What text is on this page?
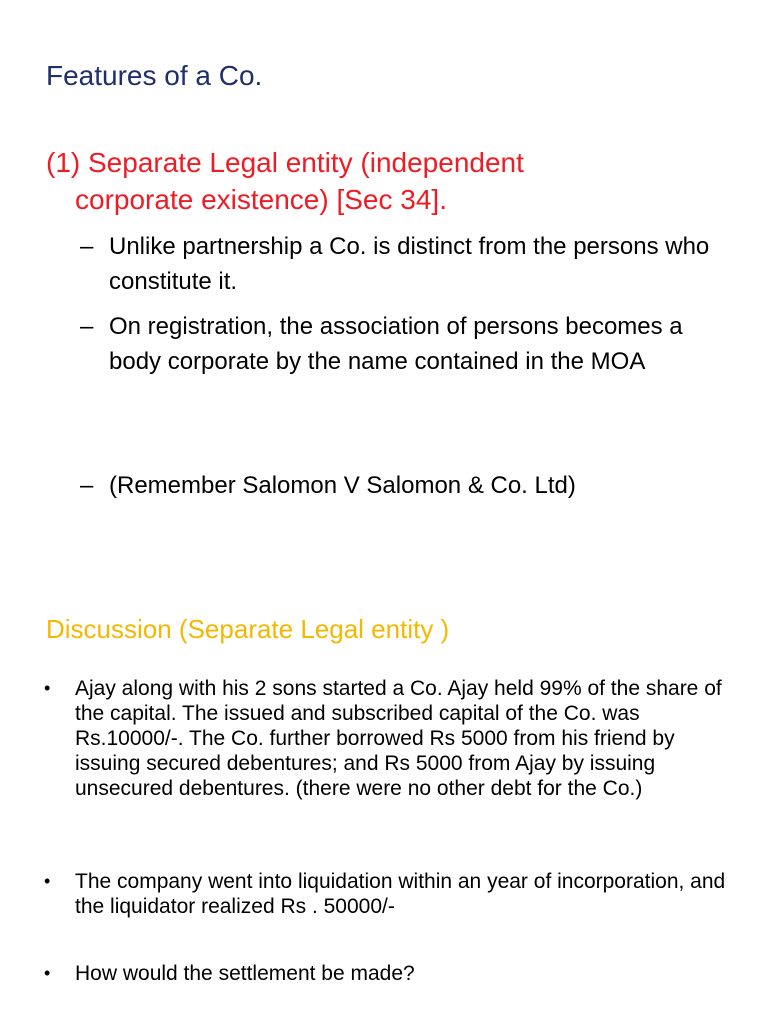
Features of a Co.
(1) Separate Legal entity (independent
corporate existence) [Sec 34].
– Unlike partnership a Co. is distinct from the persons who constitute it.
– On registration, the association of persons becomes a body corporate by the name contained in the MOA
– (Remember Salomon V Salomon & Co. Ltd)
Discussion (Separate Legal entity )
•	Ajay along with his 2 sons started a Co. Ajay held 99% of the share of the capital. The issued and subscribed capital of the Co. was Rs.10000/-. The Co. further borrowed Rs 5000 from his friend by issuing secured debentures; and Rs 5000 from Ajay by issuing unsecured debentures. (there were no other debt for the Co.)
•	The company went into liquidation within an year of incorporation, and the liquidator realized Rs . 50000/-
•	How would the settlement be made?
